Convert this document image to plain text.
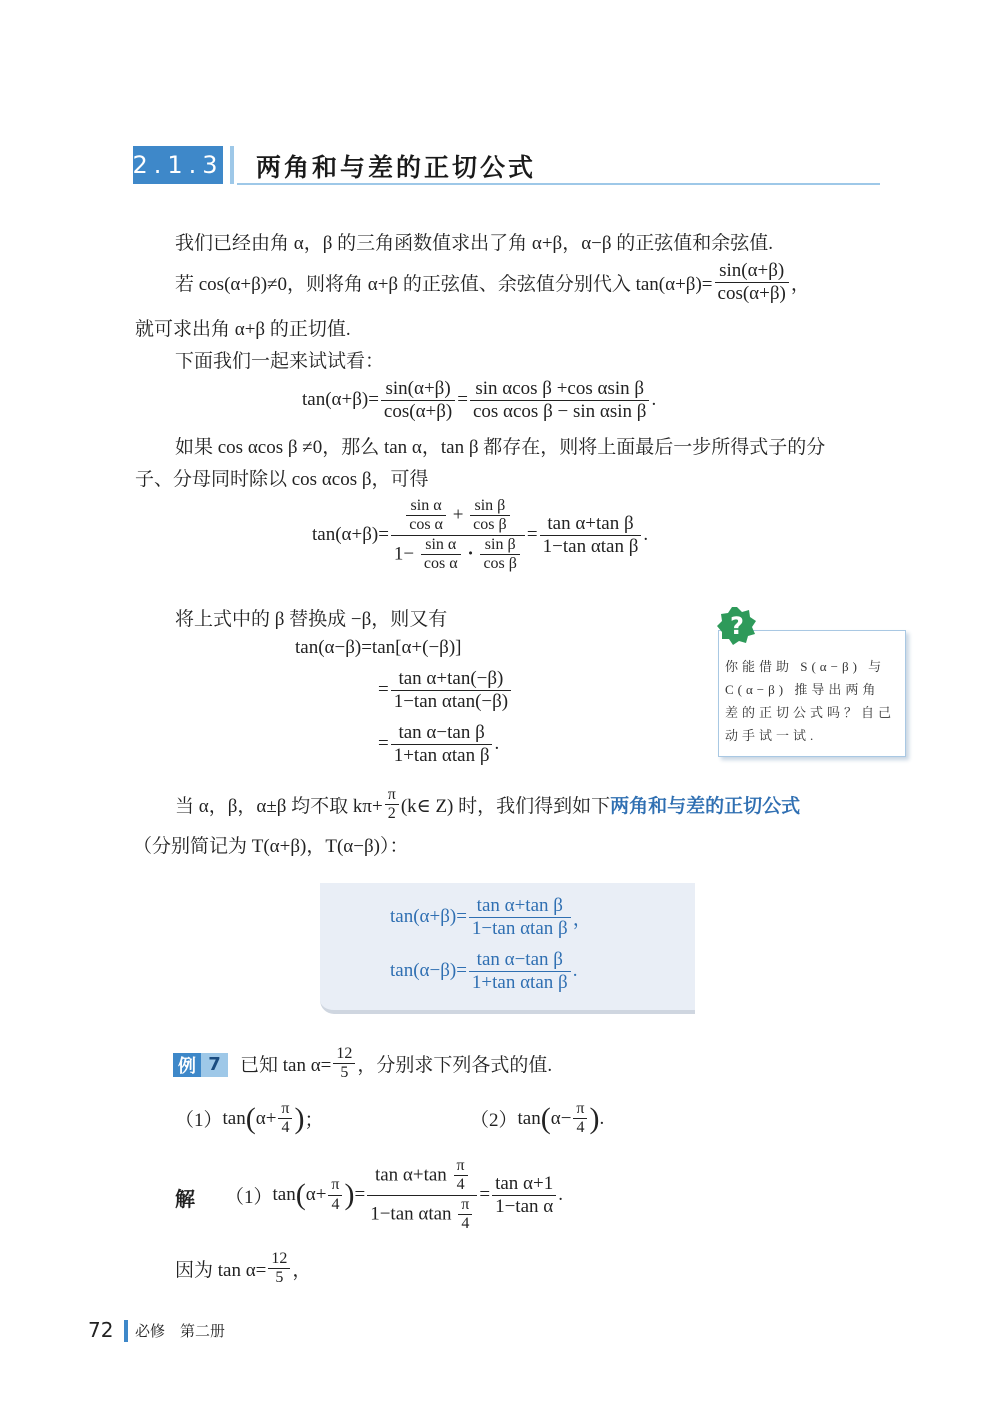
2.1.3 两角和与差的正切公式
我们已经由角 α，β 的三角函数值求出了角 α+β，α−β 的正弦值和余弦值.
若 cos(α+β)≠0，则将角 α+β 的正弦值、余弦值分别代入 $\tan(\alpha+\beta)= \frac{\sin(\alpha+\beta)}{\cos(\alpha+\beta)}$ ，
就可求出角 α+β 的正切值.
下面我们一起来试试看：
$\tan(\alpha+\beta)= \frac{\sin(\alpha+\beta)}{\cos(\alpha+\beta)} = \frac{\text{sin αcos β +cos αsin β}}{\text{cos αcos β − sin αsin β}}$ .
如果 cos αcos β ≠0，那么 tan α，tan β 都存在，则将上面最后一步所得式子的分
子、分母同时除以 cos αcos β，可得
$\tan(\alpha+\beta)= \frac{\text{sin α}}{\text{cos α}} + \frac{\text{sin β}}{\text{cos β}}$
$1- \frac{\text{sin α}}{\text{cos α}} \cdot \frac{\text{sin β}}{\text{cos β}}$
= $\frac{\text{tan α+tan β}}{\text{1−tan αtan β}}$ .
将上式中的 β 替换成 −β，则又有
tan(α−β)=tan[α+(−β)]
= $\frac{\text{tan α+tan(−β)}}{\text{1−tan αtan(−β)}}$
= $\frac{\text{tan α−tan β}}{\text{1+tan αtan β}}$ .
?
你能借助 S(α−β) 与 C(α−β) 推导出两角差的正切公式吗？自己动手试一试.
当 α，β，α±β 均不取 $k\pi+ \frac{\pi}{2}$ (k∈ Z) 时，我们得到如下 两角和与差的正切公式
（分别简记为 T(α+β)，T(α−β)）：
$\tan(\alpha+\beta)= \frac{\text{tan α+tan β}}{\text{1−tan αtan β}}$ ，
$\tan(\alpha-\beta)= \frac{\text{tan α−tan β}}{\text{1+tan αtan β}}$ .
例 7	已知 $\tan \alpha= \frac{12}{5}$ ，分别求下列各式的值.
（1） tan ( $\alpha+ \frac{\pi}{4}$ ) ；	（2） tan ( $\alpha- \frac{\pi}{4}$ ) .
解 （1） tan ( $\alpha+ \frac{\pi}{4}$ ) = $\frac{\tan \alpha+\tan \frac{\pi}{4}}{1-\tan \alpha\tan \frac{\pi}{4}} = \frac{\text{tan α+1}}{\text{1−tan α}}$ .
因为 $\tan \alpha= \frac{12}{5}$ ，
72 必修　第二册
